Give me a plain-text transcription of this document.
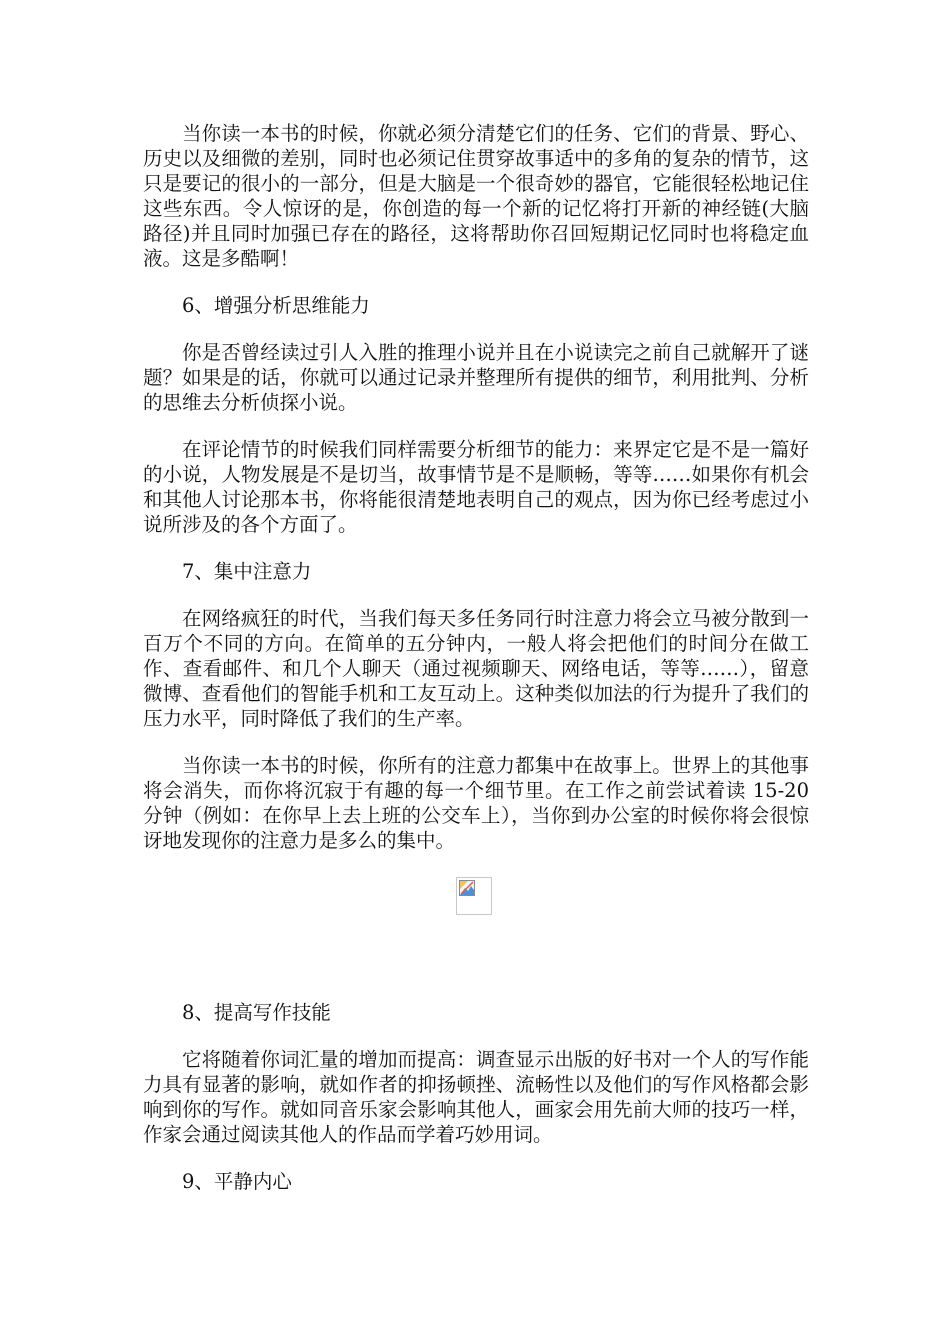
当你读一本书的时候，你就必须分清楚它们的任务、它们的背景、野心、历史以及细微的差别，同时也必须记住贯穿故事适中的多角的复杂的情节，这只是要记的很小的一部分，但是大脑是一个很奇妙的器官，它能很轻松地记住这些东西。令人惊讶的是，你创造的每一个新的记忆将打开新的神经链(大脑路径)并且同时加强已存在的路径，这将帮助你召回短期记忆同时也将稳定血液。这是多酷啊！

6、增强分析思维能力

你是否曾经读过引人入胜的推理小说并且在小说读完之前自己就解开了谜题？如果是的话，你就可以通过记录并整理所有提供的细节，利用批判、分析的思维去分析侦探小说。

在评论情节的时候我们同样需要分析细节的能力：来界定它是不是一篇好的小说，人物发展是不是切当，故事情节是不是顺畅，等等……如果你有机会和其他人讨论那本书，你将能很清楚地表明自己的观点，因为你已经考虑过小说所涉及的各个方面了。

7、集中注意力

在网络疯狂的时代，当我们每天多任务同行时注意力将会立马被分散到一百万个不同的方向。在简单的五分钟内，一般人将会把他们的时间分在做工作、查看邮件、和几个人聊天（通过视频聊天、网络电话，等等……），留意微博、查看他们的智能手机和工友互动上。这种类似加法的行为提升了我们的压力水平，同时降低了我们的生产率。

当你读一本书的时候，你所有的注意力都集中在故事上。世界上的其他事将会消失，而你将沉寂于有趣的每一个细节里。在工作之前尝试着读 15-20 分钟（例如：在你早上去上班的公交车上），当你到办公室的时候你将会很惊讶地发现你的注意力是多么的集中。

8、提高写作技能

它将随着你词汇量的增加而提高：调查显示出版的好书对一个人的写作能力具有显著的影响，就如作者的抑扬顿挫、流畅性以及他们的写作风格都会影响到你的写作。就如同音乐家会影响其他人，画家会用先前大师的技巧一样，作家会通过阅读其他人的作品而学着巧妙用词。

9、平静内心
